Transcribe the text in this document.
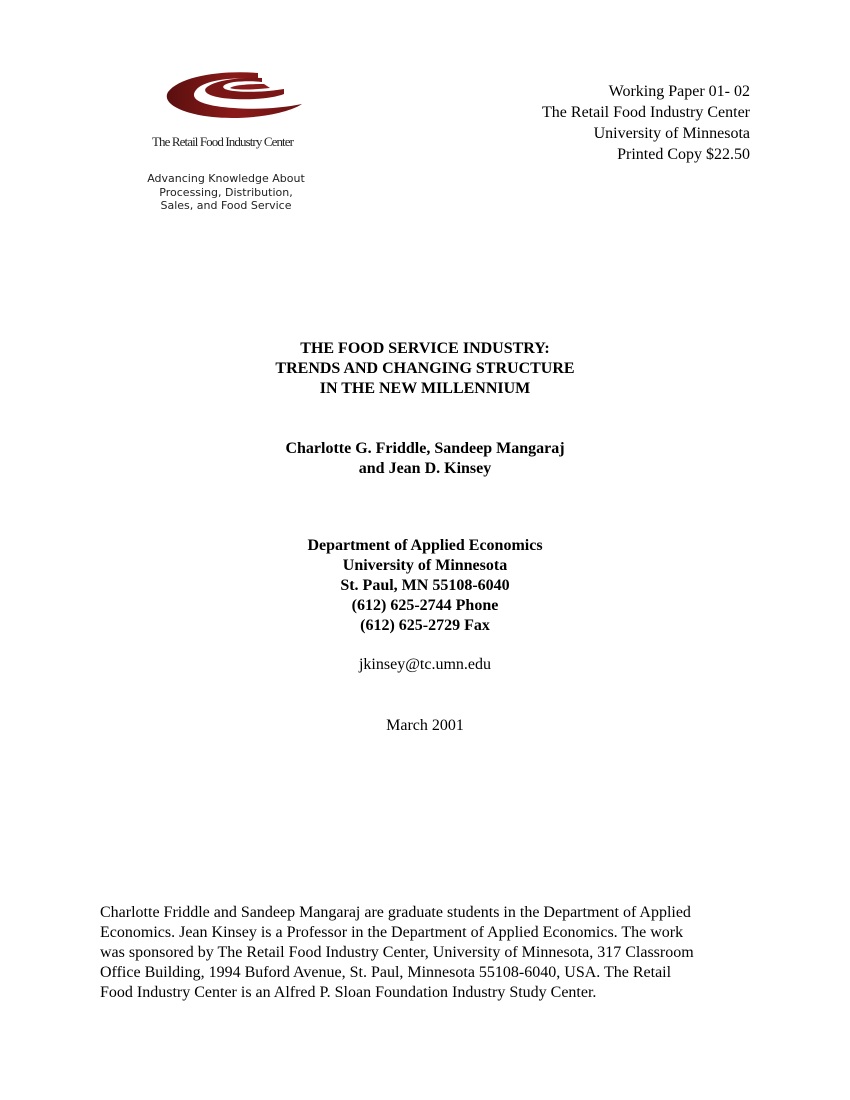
The Retail Food Industry Center
Advancing Knowledge About
Processing, Distribution,
Sales, and Food Service
Working Paper 01- 02
The Retail Food Industry Center
University of Minnesota
Printed Copy $22.50
THE FOOD SERVICE INDUSTRY:
TRENDS AND CHANGING STRUCTURE
IN THE NEW MILLENNIUM
Charlotte G. Friddle, Sandeep Mangaraj
and Jean D. Kinsey
Department of Applied Economics
University of Minnesota
St. Paul, MN 55108-6040
(612) 625-2744 Phone
(612) 625-2729 Fax
jkinsey@tc.umn.edu
March 2001
Charlotte Friddle and Sandeep Mangaraj are graduate students in the Department of Applied
Economics. Jean Kinsey is a Professor in the Department of Applied Economics. The work
was sponsored by The Retail Food Industry Center, University of Minnesota, 317 Classroom
Office Building, 1994 Buford Avenue, St. Paul, Minnesota 55108-6040, USA. The Retail
Food Industry Center is an Alfred P. Sloan Foundation Industry Study Center.
